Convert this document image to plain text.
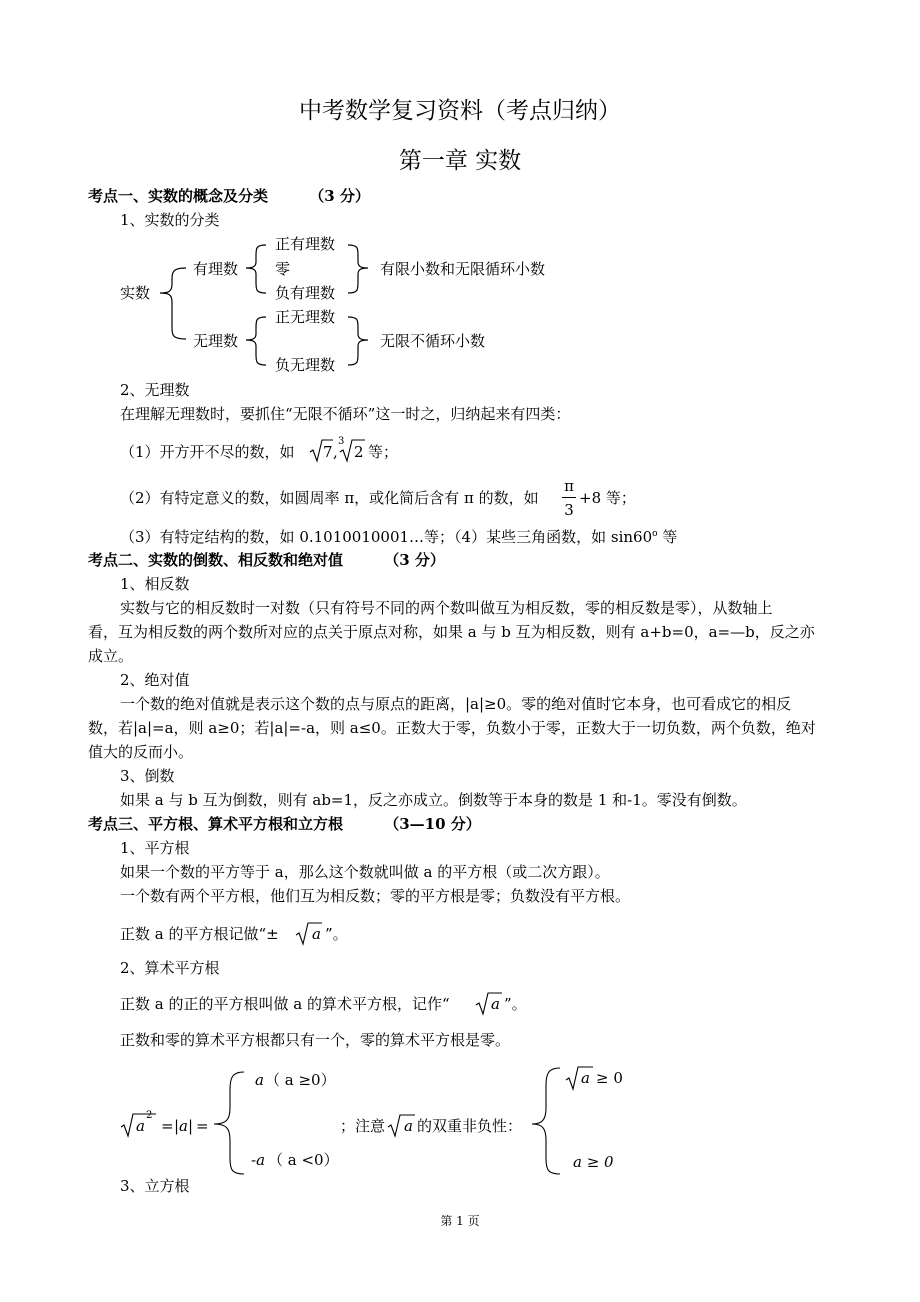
中考数学复习资料（考点归纳）
第一章 实数
考点一、实数的概念及分类	（3 分）
1、实数的分类
实数
有理数
正有理数
零
负有理数
有限小数和无限循环小数
无理数
正无理数
负无理数
无限不循环小数
2、无理数
在理解无理数时，要抓住“无限不循环”这一时之，归纳起来有四类：
（1）开方开不尽的数，如 7 ,
3
2 等；
（2）有特定意义的数，如圆周率 π，或化简后含有 π 的数，如
π
3
+8 等；
（3）有特定结构的数，如 0.1010010001…等；（4）某些三角函数，如 sin60$^o$ 等
考点二、实数的倒数、相反数和绝对值	（3 分）
1、相反数
实数与它的相反数时一对数（只有符号不同的两个数叫做互为相反数，零的相反数是零），从数轴上
看，互为相反数的两个数所对应的点关于原点对称，如果 a 与 b 互为相反数，则有 a+b=0，a=—b，反之亦
成立。
2、绝对值
一个数的绝对值就是表示这个数的点与原点的距离，|a|≥0。零的绝对值时它本身，也可看成它的相反
数，若|a|=a，则 a≥0；若|a|=-a，则 a≤0。正数大于零，负数小于零，正数大于一切负数，两个负数，绝对
值大的反而小。
3、倒数
如果 a 与 b 互为倒数，则有 ab=1，反之亦成立。倒数等于本身的数是 1 和-1。零没有倒数。
考点三、平方根、算术平方根和立方根	（3—10 分）
1、平方根
如果一个数的平方等于 a，那么这个数就叫做 a 的平方根（或二次方跟）。
一个数有两个平方根，他们互为相反数；零的平方根是零；负数没有平方根。
正数 a 的平方根记做“± a ”。
2、算术平方根
正数 a 的正的平方根叫做 a 的算术平方根，记作“	a ”。
正数和零的算术平方根都只有一个，零的算术平方根是零。
a
2
= |a| =
a （ a ≥0）
-a （ a <0）
；注意 a 的双重非负性：
a ≥ 0
a ≥ 0
3、立方根
第 1 页
